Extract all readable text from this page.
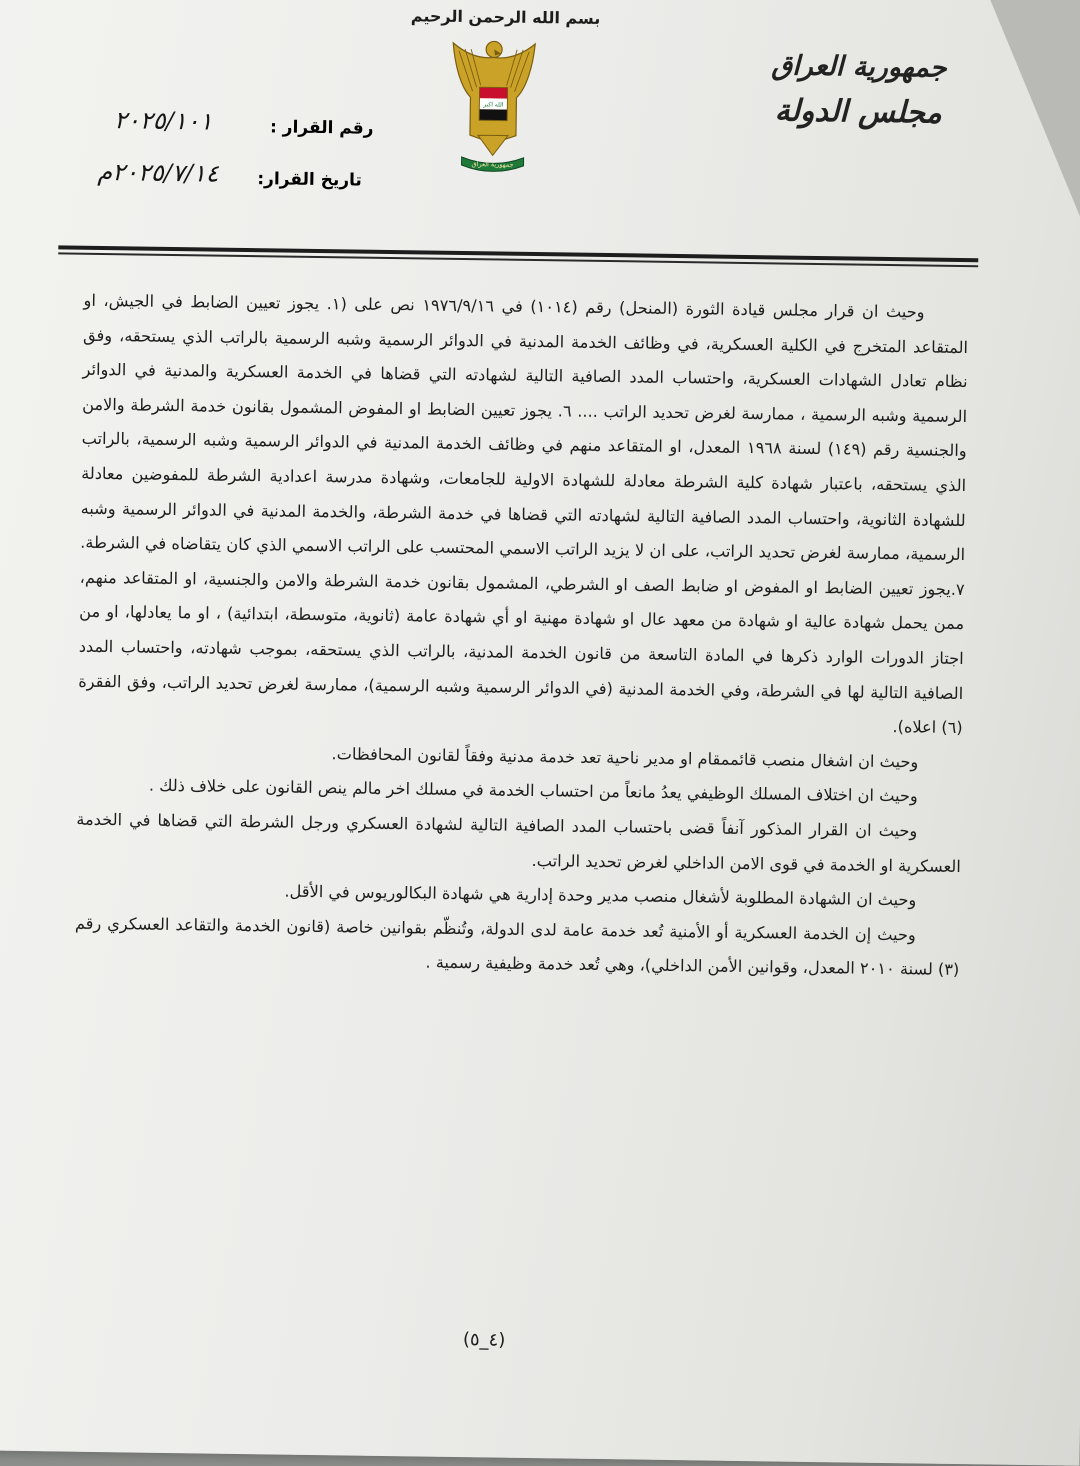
بسم الله الرحمن الرحيم
جمهورية العراق
مجلس الدولة
الله اكبر
جمهورية العراق
رقم القرار :
٢٠٢٥/١٠١
تاريخ القرار:
٢٠٢٥/٧/١٤م

وحيث ان قرار مجلس قيادة الثورة (المنحل) رقم (١٠١٤) في ١٩٧٦/٩/١٦ نص على (١. يجوز تعيين الضابط في الجيش، او المتقاعد المتخرج في الكلية العسكرية، في وظائف الخدمة المدنية في الدوائر الرسمية وشبه الرسمية بالراتب الذي يستحقه، وفق نظام تعادل الشهادات العسكرية، واحتساب المدد الصافية التالية لشهادته التي قضاها في الخدمة العسكرية والمدنية في الدوائر الرسمية وشبه الرسمية ، ممارسة لغرض تحديد الراتب .... ٦. يجوز تعيين الضابط او المفوض المشمول بقانون خدمة الشرطة والامن والجنسية رقم (١٤٩) لسنة ١٩٦٨ المعدل، او المتقاعد منهم في وظائف الخدمة المدنية في الدوائر الرسمية وشبه الرسمية، بالراتب الذي يستحقه، باعتبار شهادة كلية الشرطة معادلة للشهادة الاولية للجامعات، وشهادة مدرسة اعدادية الشرطة للمفوضين معادلة للشهادة الثانوية، واحتساب المدد الصافية التالية لشهادته التي قضاها في خدمة الشرطة، والخدمة المدنية في الدوائر الرسمية وشبه الرسمية، ممارسة لغرض تحديد الراتب، على ان لا يزيد الراتب الاسمي المحتسب على الراتب الاسمي الذي كان يتقاضاه في الشرطة. ٧.يجوز تعيين الضابط او المفوض او ضابط الصف او الشرطي، المشمول بقانون خدمة الشرطة والامن والجنسية، او المتقاعد منهم، ممن يحمل شهادة عالية او شهادة من معهد عال او شهادة مهنية او أي شهادة عامة (ثانوية، متوسطة، ابتدائية) ، او ما يعادلها، او من اجتاز الدورات الوارد ذكرها في المادة التاسعة من قانون الخدمة المدنية، بالراتب الذي يستحقه، بموجب شهادته، واحتساب المدد الصافية التالية لها في الشرطة، وفي الخدمة المدنية (في الدوائر الرسمية وشبه الرسمية)، ممارسة لغرض تحديد الراتب، وفق الفقرة (٦) اعلاه).

وحيث ان اشغال منصب قائممقام او مدير ناحية تعد خدمة مدنية وفقاً لقانون المحافظات.

وحيث ان اختلاف المسلك الوظيفي يعدُ مانعاً من احتساب الخدمة في مسلك اخر مالم ينص القانون على خلاف ذلك .

وحيث ان القرار المذكور آنفاً قضى باحتساب المدد الصافية التالية لشهادة العسكري ورجل الشرطة التي قضاها في الخدمة العسكرية او الخدمة في قوى الامن الداخلي لغرض تحديد الراتب.

وحيث ان الشهادة المطلوبة لأشغال منصب مدير وحدة إدارية هي شهادة البكالوريوس في الأقل.

وحيث إن الخدمة العسكرية أو الأمنية تُعد خدمة عامة لدى الدولة، وتُنظّم بقوانين خاصة (قانون الخدمة والتقاعد العسكري رقم (٣) لسنة ٢٠١٠ المعدل، وقوانين الأمن الداخلي)، وهي تُعد خدمة وظيفية رسمية .

(٤_٥)
